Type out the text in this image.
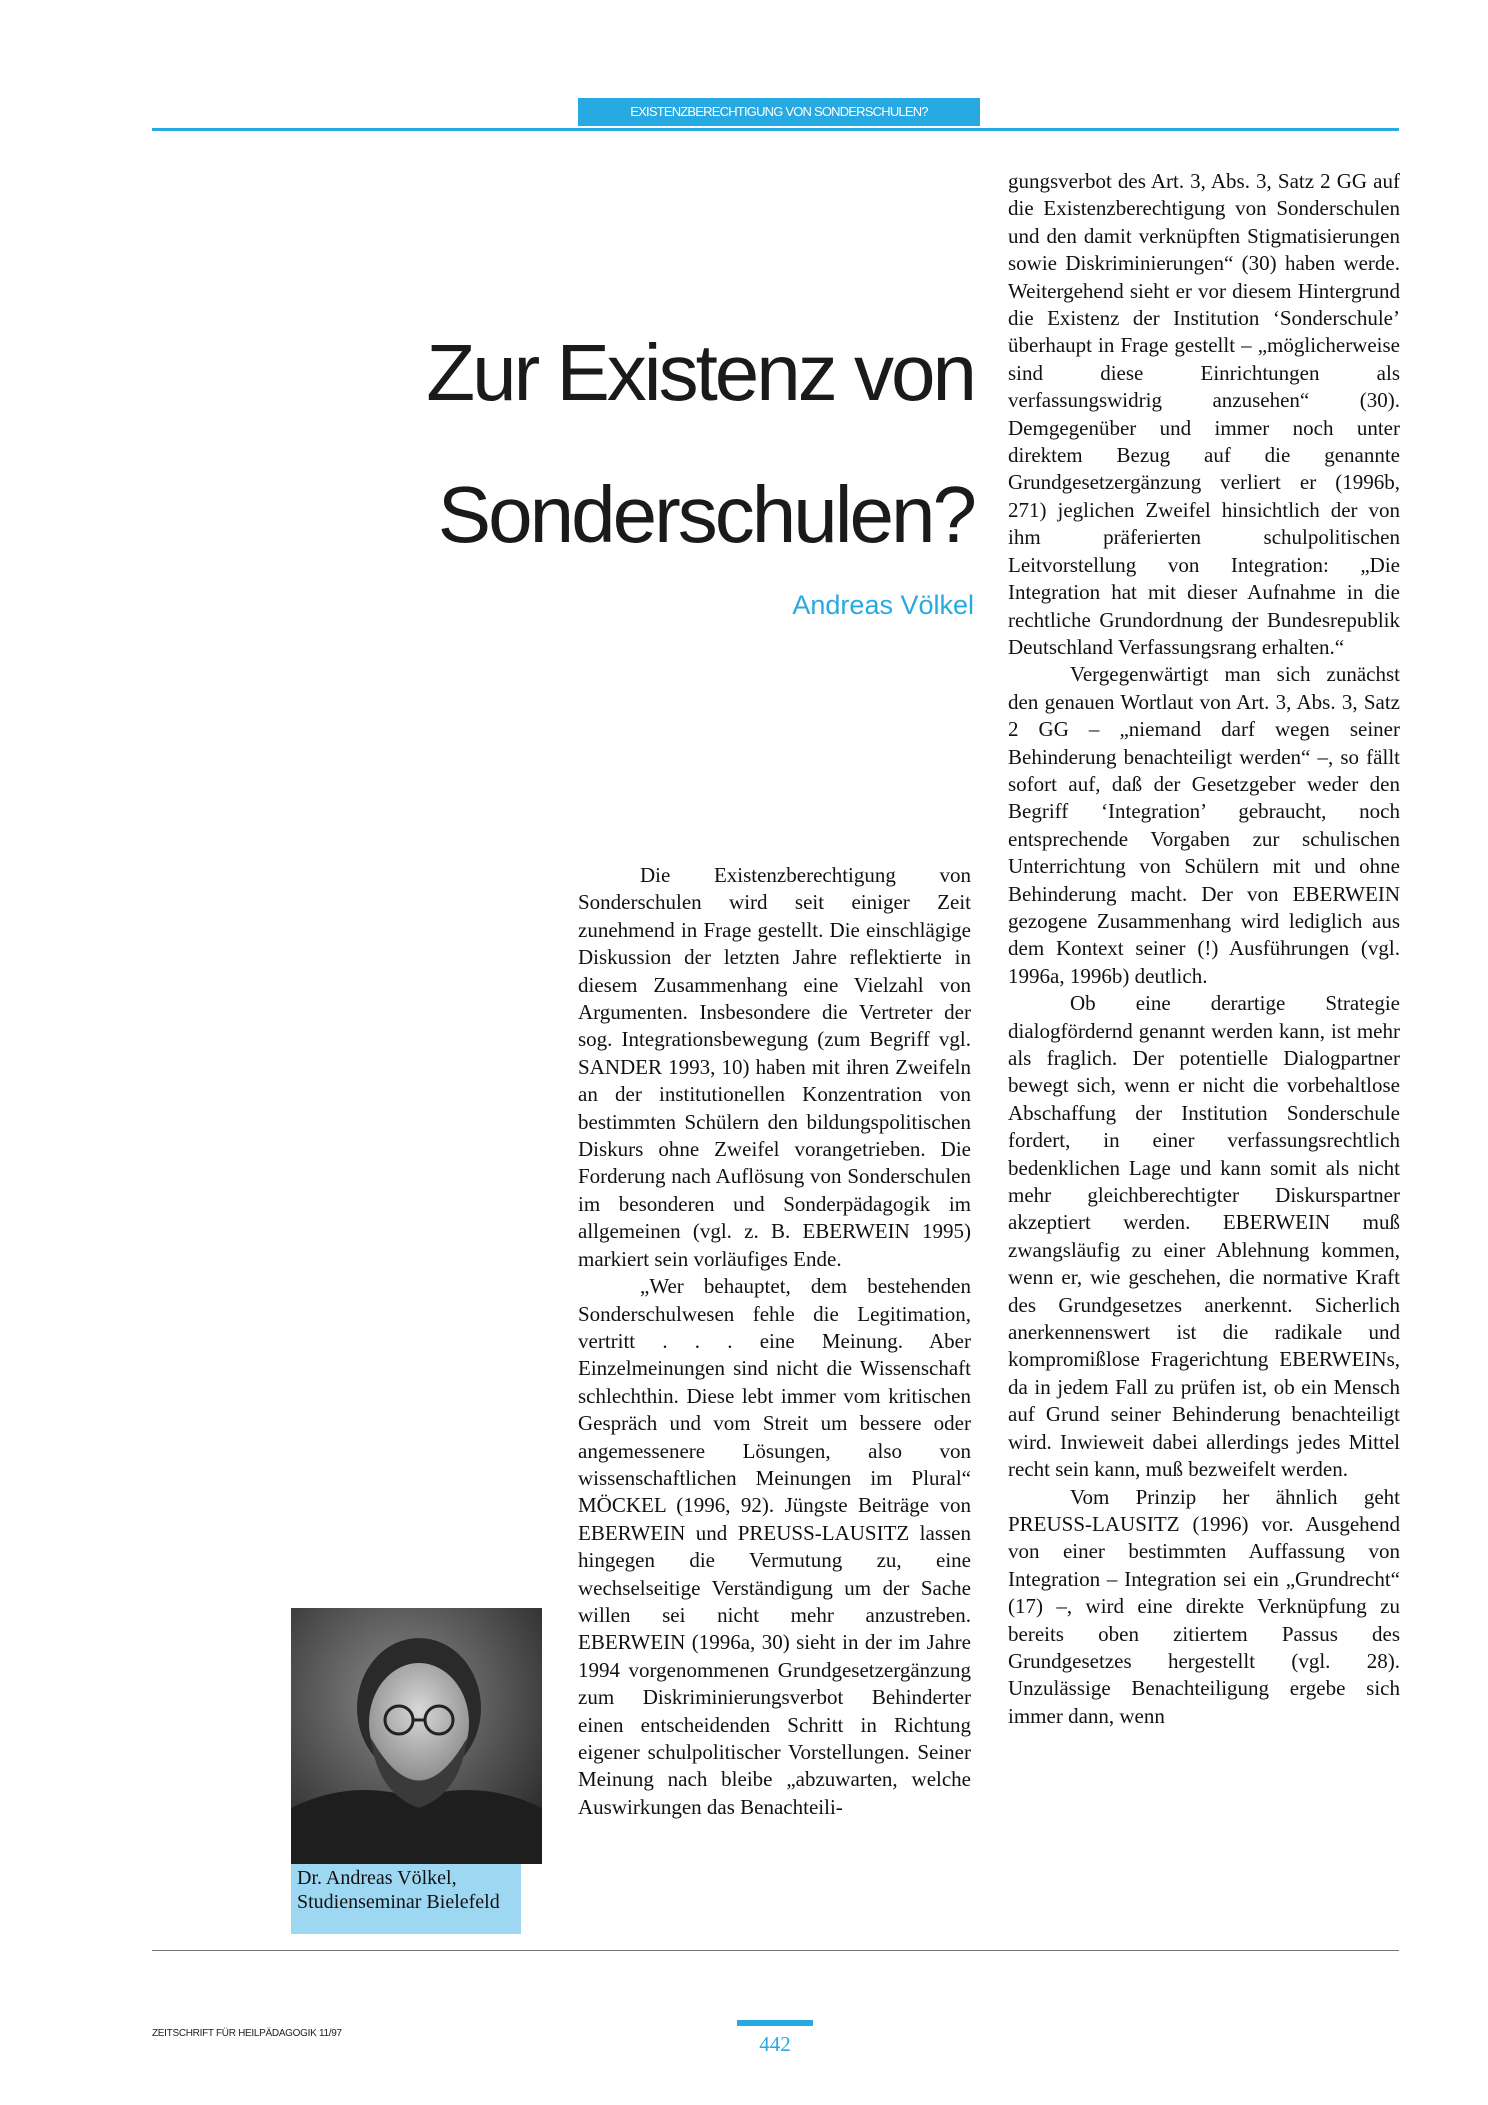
EXISTENZBERECHTIGUNG VON SONDERSCHULEN?
Zur Existenz von
Sonderschulen?
Andreas Völkel

Die Existenzberechtigung von Sonderschulen wird seit einiger Zeit zunehmend in Frage gestellt. Die einschlägige Diskussion der letzten Jahre reflektierte in diesem Zusammenhang eine Vielzahl von Argumenten. Insbesondere die Vertreter der sog. Integrationsbewegung (zum Begriff vgl. SANDER 1993, 10) haben mit ihren Zweifeln an der institutionellen Konzentration von bestimmten Schülern den bildungspolitischen Diskurs ohne Zweifel vorangetrieben. Die Forderung nach Auflösung von Sonderschulen im besonderen und Sonderpädagogik im allgemeinen (vgl. z. B. EBERWEIN 1995) markiert sein vorläufiges Ende.

„Wer behauptet, dem bestehenden Sonderschulwesen fehle die Legitimation, vertritt . . . eine Meinung. Aber Einzelmeinungen sind nicht die Wissenschaft schlechthin. Diese lebt immer vom kritischen Gespräch und vom Streit um bessere oder angemessenere Lösungen, also von wissenschaftlichen Meinungen im Plural“ MÖCKEL (1996, 92). Jüngste Beiträge von EBERWEIN und PREUSS-LAUSITZ lassen hingegen die Vermutung zu, eine wechselseitige Verständigung um der Sache willen sei nicht mehr anzustreben. EBERWEIN (1996a, 30) sieht in der im Jahre 1994 vorgenommenen Grundgesetzergänzung zum Diskriminierungsverbot Behinderter einen entscheidenden Schritt in Richtung eigener schulpolitischer Vorstellungen. Seiner Meinung nach bleibe „abzuwarten, welche Auswirkungen das Benachteili-

gungsverbot des Art. 3, Abs. 3, Satz 2 GG auf die Existenzberechtigung von Sonderschulen und den damit verknüpften Stigmatisierungen sowie Diskriminierungen“ (30) haben werde. Weitergehend sieht er vor diesem Hintergrund die Existenz der Institution ‘Sonderschule’ überhaupt in Frage gestellt – „möglicherweise sind diese Einrichtungen als verfassungswidrig anzusehen“ (30). Demgegenüber und immer noch unter direktem Bezug auf die genannte Grundgesetzergänzung verliert er (1996b, 271) jeglichen Zweifel hinsichtlich der von ihm präferierten schulpolitischen Leitvorstellung von Integration: „Die Integration hat mit dieser Aufnahme in die rechtliche Grundordnung der Bundesrepublik Deutschland Verfassungsrang erhalten.“

Vergegenwärtigt man sich zunächst den genauen Wortlaut von Art. 3, Abs. 3, Satz 2 GG – „niemand darf wegen seiner Behinderung benachteiligt werden“ –, so fällt sofort auf, daß der Gesetzgeber weder den Begriff ‘Integration’ gebraucht, noch entsprechende Vorgaben zur schulischen Unterrichtung von Schülern mit und ohne Behinderung macht. Der von EBERWEIN gezogene Zusammenhang wird lediglich aus dem Kontext seiner (!) Ausführungen (vgl. 1996a, 1996b) deutlich.

Ob eine derartige Strategie dialogfördernd genannt werden kann, ist mehr als fraglich. Der potentielle Dialogpartner bewegt sich, wenn er nicht die vorbehaltlose Abschaffung der Institution Sonderschule fordert, in einer verfassungsrechtlich bedenklichen Lage und kann somit als nicht mehr gleichberechtigter Diskurspartner akzeptiert werden. EBERWEIN muß zwangsläufig zu einer Ablehnung kommen, wenn er, wie geschehen, die normative Kraft des Grundgesetzes anerkennt. Sicherlich anerkennenswert ist die radikale und kompromißlose Fragerichtung EBERWEINs, da in jedem Fall zu prüfen ist, ob ein Mensch auf Grund seiner Behinderung benachteiligt wird. Inwieweit dabei allerdings jedes Mittel recht sein kann, muß bezweifelt werden.

Vom Prinzip her ähnlich geht PREUSS-LAUSITZ (1996) vor. Ausgehend von einer bestimmten Auffassung von Integration – Integration sei ein „Grundrecht“ (17) –, wird eine direkte Verknüpfung zu bereits oben zitiertem Passus des Grundgesetzes hergestellt (vgl. 28). Unzulässige Benachteiligung ergebe sich immer dann, wenn

Dr. Andreas Völkel,
Studienseminar Bielefeld
ZEITSCHRIFT FÜR HEILPÄDAGOGIK 11/97	442
